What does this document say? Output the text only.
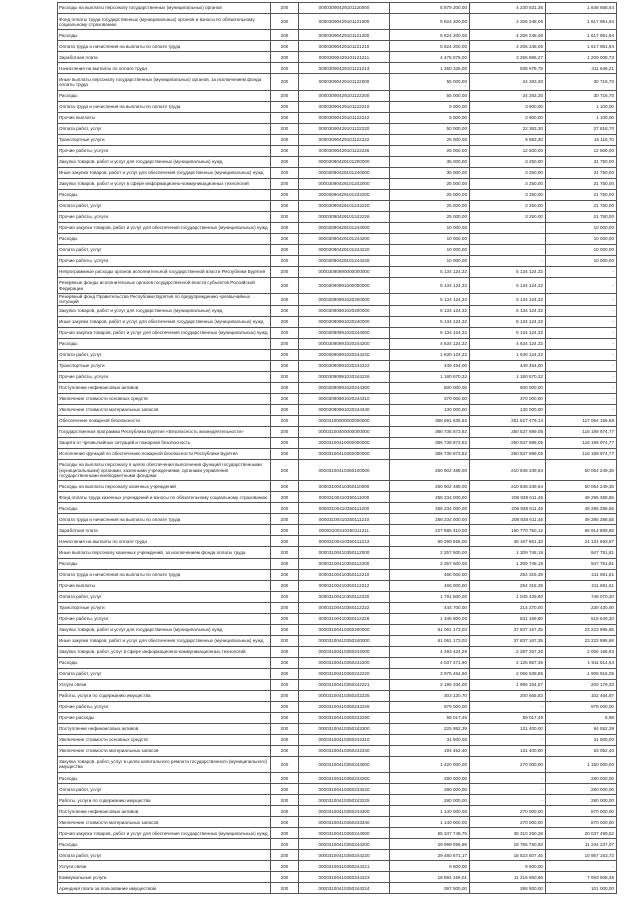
Расходы на выплаты персоналу государственных (муниципальных) органов	200	00003090429101120000	5 879 200,00	4 230 531,36	1 648 668,64
Фонд оплаты труда государственных (муниципальных) органов и взносы по обязательному социальному страхованию	200	00003090429101121000	5 824 200,00	4 206 248,06	1 617 951,94
Расходы	200	00003090429101121200	5 824 200,00	4 206 248,06	1 617 951,94
Оплата труда и начисления на выплаты по оплате труда	200	00003090429101121210	5 824 200,00	4 206 248,06	1 617 951,94
Заработная плата	200	00003090429101121211	4 475 875,00	3 266 866,27	1 209 008,73
Начисления на выплаты по оплате труда	200	00003090429101121213	1 350 325,00	938 678,79	411 646,21
Иные выплаты персоналу государственных (муниципальных) органов, за исключением фонда оплаты труда	200	00003090429101122000	55 000,00	24 283,30	30 716,70
Расходы	200	00003090429101122200	55 000,00	24 283,30	30 716,70
Оплата труда и начисления на выплаты по оплате труда	200	00003090429101122210	5 000,00	3 900,00	1 100,00
Прочие выплаты	200	00003090429101122212	5 000,00	3 900,00	1 100,00
Оплата работ, услуг	200	00003090429101122220	50 000,00	22 383,30	27 616,70
Транспортные услуги	200	00003090429101122222	25 000,00	9 883,30	15 116,70
Прочие работы, услуги	200	00003090429101122226	25 000,00	12 500,00	12 500,00
Закупка товаров, работ и услуг для государственных (муниципальных) нужд	200	00003090429101200000	35 000,00	3 250,00	31 750,00
Иные закупки товаров, работ и услуг для обеспечения государственных (муниципальных) нужд	200	00003090429101240000	35 000,00	3 250,00	31 750,00
Закупка товаров, работ и услуг в сфере информационно-коммуникационных технологий	200	00003090429101242000	25 000,00	3 250,00	21 750,00
Расходы	200	00003090429101242200	25 000,00	3 250,00	21 750,00
Оплата работ, услуг	200	00003090429101242220	25 000,00	3 250,00	21 750,00
Прочие работы, услуги	200	00003090429101242226	25 000,00	3 250,00	21 750,00
Прочая закупка товаров, работ и услуг для обеспечения государственных (муниципальных) нужд	200	00003090429101244000	10 000,00	-	10 000,00
Расходы	200	00003090429101244200	10 000,00	-	10 000,00
Оплата работ, услуг	200	00003090429101244220	10 000,00	-	10 000,00
Прочие работы, услуги	200	00003090429101244226	10 000,00	-	10 000,00
Непрограммные расходы органов исполнительной государственной власти Республики Бурятия	200	00003090990000000000	5 134 124,32	5 134 124,32	-
Резервные фонды исполнительных органов государственной власти субъектов Российской Федерации	200	00003090991000000000	5 134 124,32	5 134 124,32	-
Резервный фонд Правительства Республики Бурятия по предупреждению чрезвычайных ситуаций	200	00003090991020200000	5 134 124,32	5 134 124,32	-
Закупка товаров, работ и услуг для государственных (муниципальных) нужд	200	00003090991020200000	5 134 124,32	5 134 124,32	-
Иные закупки товаров, работ и услуг для обеспечения государственных (муниципальных) нужд	200	00003090991020240000	5 134 124,32	5 134 124,32	-
Прочая закупка товаров, работ и услуг для обеспечения государственных (муниципальных) нужд	200	00003090991020244000	5 134 124,32	5 134 124,32	-
Расходы	200	00003090991020244200	4 634 124,32	4 634 124,32	-
Оплата работ, услуг	200	00003090991020244220	1 630 124,32	1 630 124,32	-
Транспортные услуги	200	00003090991020244222	449 454,00	449 454,00	-
Прочие работы, услуги	200	00003090991020244226	1 180 670,32	1 180 670,32	-
Поступление нефинансовых активов	200	00003090991020244300	500 000,00	500 000,00	-
Увеличение стоимости основных средств	200	00003090991020244310	370 000,00	370 000,00	-
Увеличение стоимости материальных запасов	200	00003090991020244340	130 000,00	130 000,00	-
Обеспечение пожарной безопасности	200	00003100000000000000	368 691 635,62	251 627 479,14	117 064 156,68
Государственная программа Республики Бурятия «Безопасность жизнедеятельности»	200	00003100400000000000	366 736 873,82	250 537 899,05	116 198 974,77
Защита от чрезвычайных ситуаций и пожарная безопасность	200	00003100410000000000	366 736 873,82	250 537 899,05	116 198 974,77
Исполнение функций по обеспечению пожарной безопасности Республики Бурятия	200	00003100410350000000	366 736 873,82	250 537 899,05	116 198 974,77
Расходы на выплаты персоналу в целях обеспечения выполнения функций государственными (муниципальными) органами, казенными учреждениями, органами управления государственными внебюджетными фондами	200	00003100410350100000	260 902 489,00	210 848 239,64	50 054 249,36
Расходы на выплаты персоналу казенных учреждений	200	00003100410350110000	260 902 489,00	210 848 239,64	50 054 249,36
Фонд оплаты труда казенных учреждений и взносы по обязательному социальному страхованию	200	00003100410350111000	258 234 000,00	208 938 611,45	49 295 388,55
Расходы	200	00003100410350111200	258 234 000,00	208 938 611,45	49 295 388,55
Оплата труда и начисления на выплаты по оплате труда	200	00003100410350111210	258 234 000,00	208 938 611,45	49 295 388,55
Заработная плата	200	00003100410350111211	227 685 410,00	160 770 750,12	66 914 659,88
Начисления на выплаты по оплате труда	200	00003100410350111213	69 299 555,00	48 167 861,33	21 131 693,67
Иные выплаты персоналу казенных учреждений, за исключением фонда оплаты труда	200	00003100410350112000	2 257 500,00	1 309 748,19	947 751,81
Расходы	200	00003100410350112200	2 257 500,00	1 309 748,19	947 751,81
Оплата труда и начисления на выплаты по оплате труда	200	00003100410350112210	466 000,00	254 318,39	211 681,61
Прочие выплаты	200	00003100410350112212	466 000,00	254 318,39	211 681,61
Оплата работ, услуг	200	00003100410350112220	1 791 500,00	1 045 429,80	746 070,20
Транспортные услуги	200	00003100410350112222	444 700,00	214 270,00	230 430,00
Прочие работы, услуги	200	00003100410350112226	1 346 800,00	831 159,80	515 640,20
Закупка товаров, работ и услуг для государственных (муниципальных) нужд	200	00003100410350200000	61 061 173,03	37 837 167,35	23 223 995,68
Иные закупки товаров, работ и услуг для обеспечения государственных (муниципальных) нужд	200	00003100410350240000	61 061 173,03	37 837 167,35	23 223 995,68
Закупка товаров, работ, услуг в сфере информационно-коммуникационных технологий	200	00003100410350242000	4 293 424,29	2 287 257,36	2 006 166,93
Расходы	200	00003100410350242200	4 037 471,90	2 125 857,36	1 911 614,54
Оплата работ, услуг	200	00003100410350242220	3 975 454,90	2 066 539,85	1 908 915,05
Услуги связи	200	00003100410350242221	2 195 334,00	1 995 154,67	200 179,33
Работы, услуги по содержанию имущества	200	00003100410350242225	303 120,70	200 665,83	102 454,87
Прочие работы, услуги	200	00003100410350242226	979 000,00	-	979 000,00
Прочие расходы	200	00003100410350242290	59 017,46	59 017,49	5,98
Поступление нефинансовых активов	200	00003100410350242300	225 952,39	131 400,00	94 552,39
Увеличение стоимости основных средств	200	00003100410350242310	31 500,00	-	31 500,00
Увеличение стоимости материальных запасов	200	00003100410350242340	194 452,40	131 400,00	63 052,40
Закупка товаров, работ, услуг в целях капитального ремонта государственного (муниципального) имущества	200	00003100410350243000	1 420 000,00	270 000,00	1 150 000,00
Расходы	200	00003100410350243200	280 000,00	-	280 000,00
Оплата работ, услуг	200	00003100410350243220	280 000,00	-	280 000,00
Работы, услуги по содержанию имущества	200	00003100410350243225	280 000,00	-	280 000,00
Поступление нефинансовых активов	200	00003100410350243300	1 140 000,00	270 000,00	870 000,00
Увеличение стоимости материальных запасов	200	00003100410350243340	1 140 000,00	270 000,00	870 000,00
Прочая закупка товаров, работ и услуг для обеспечения государственных (муниципальных) нужд	200	00003100410350244000	55 347 749,75	35 310 250,28	20 037 499,52
Расходы	200	00003100410350244200	29 999 056,99	18 765 750,92	11 234 237,07
Оплата работ, услуг	200	00003100410350244220	29 480 671,17	18 523 507,45	10 957 163,72
Услуги связи	200	00003100410350244221	9 600,00	9 600,00	-
Коммунальные услуги	200	00003100410350244223	18 894 159,01	11 216 650,66	7 693 508,35
Арендная плата за пользование имуществом	200	00003100410350244224	397 500,00	286 500,00	101 000,00
